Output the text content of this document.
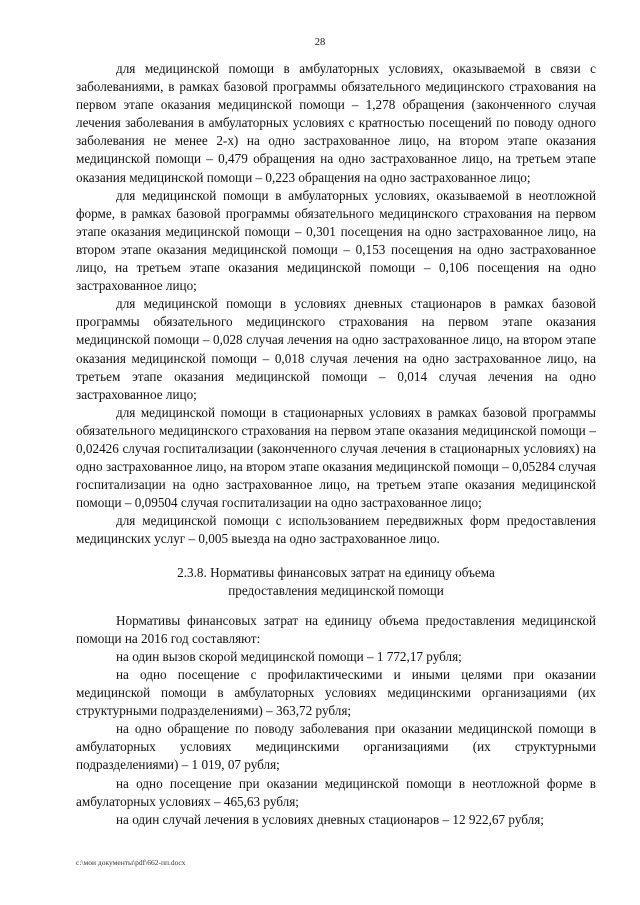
28

для медицинской помощи в амбулаторных условиях, оказываемой в связи с заболеваниями, в рамках базовой программы обязательного медицинского страхования на первом этапе оказания медицинской помощи – 1,278 обращения (законченного случая лечения заболевания в амбулаторных условиях с кратностью посещений по поводу одного заболевания не менее 2-х) на одно застрахованное лицо, на втором этапе оказания медицинской помощи – 0,479 обращения на одно застрахованное лицо, на третьем этапе оказания медицинской помощи – 0,223 обращения на одно застрахованное лицо;

для медицинской помощи в амбулаторных условиях, оказываемой в неотложной форме, в рамках базовой программы обязательного медицинского страхования на первом этапе оказания медицинской помощи – 0,301 посещения на одно застрахованное лицо, на втором этапе оказания медицинской помощи – 0,153 посещения на одно застрахованное лицо, на третьем этапе оказания медицинской помощи – 0,106 посещения на одно застрахованное лицо;

для медицинской помощи в условиях дневных стационаров в рамках базовой программы обязательного медицинского страхования на первом этапе оказания медицинской помощи – 0,028 случая лечения на одно застрахованное лицо, на втором этапе оказания медицинской помощи – 0,018 случая лечения на одно застрахованное лицо, на третьем этапе оказания медицинской помощи – 0,014 случая лечения на одно застрахованное лицо;

для медицинской помощи в стационарных условиях в рамках базовой программы обязательного медицинского страхования на первом этапе оказания медицинской помощи – 0,02426 случая госпитализации (законченного случая лечения в стационарных условиях) на одно застрахованное лицо, на втором этапе оказания медицинской помощи – 0,05284 случая госпитализации на одно застрахованное лицо, на третьем этапе оказания медицинской помощи – 0,09504 случая госпитализации на одно застрахованное лицо;

для медицинской помощи с использованием передвижных форм предоставления медицинских услуг – 0,005 выезда на одно застрахованное лицо.

2.3.8. Нормативы финансовых затрат на единицу объема
предоставления медицинской помощи

Нормативы финансовых затрат на единицу объема предоставления медицинской помощи на 2016 год составляют:

на один вызов скорой медицинской помощи – 1 772,17 рубля;

на одно посещение с профилактическими и иными целями при оказании медицинской помощи в амбулаторных условиях медицинскими организациями (их структурными подразделениями) – 363,72 рубля;

на одно обращение по поводу заболевания при оказании медицинской помощи в амбулаторных условиях медицинскими организациями (их структурными подразделениями) – 1 019, 07 рубля;

на одно посещение при оказании медицинской помощи в неотложной форме в амбулаторных условиях – 465,63 рубля;

на один случай лечения в условиях дневных стационаров – 12 922,67 рубля;

c:\мои документы\pdf\662-пп.docx
